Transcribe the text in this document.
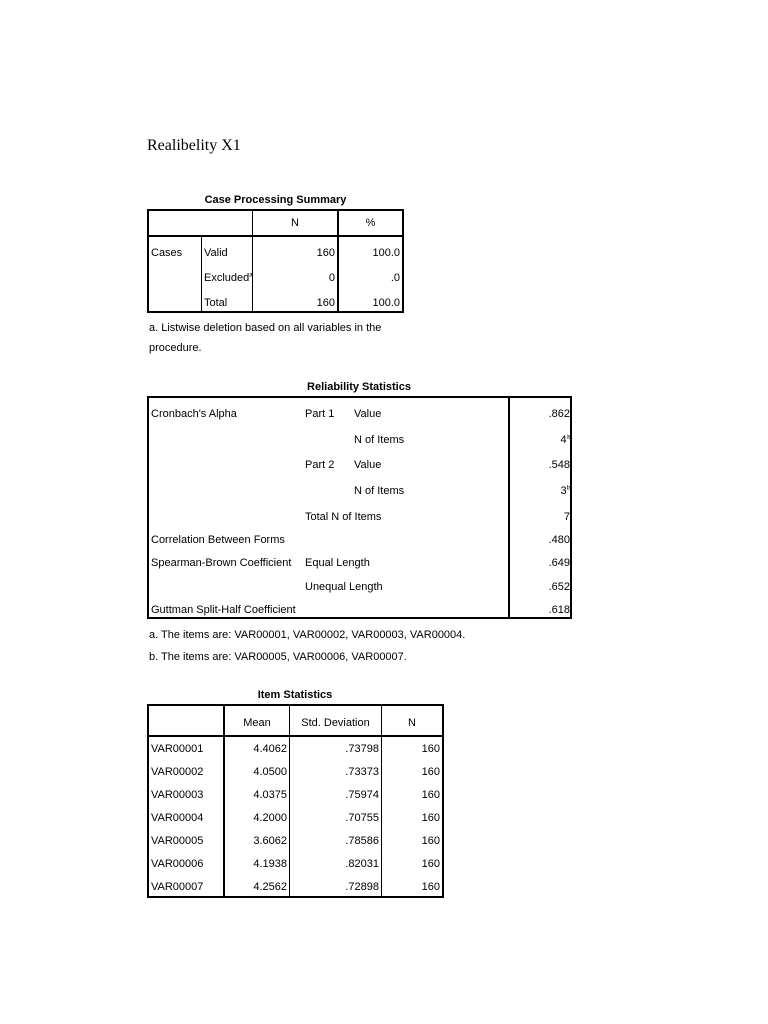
Realibelity X1
Case Processing Summary
N	%
Cases Valid	160	100.0
Excluded$^a$	0	.0
Total	160	100.0
a. Listwise deletion based on all variables in the
procedure.
Reliability Statistics
Cronbach's Alpha	Part 1 Value	.862
N of Items	4$^a$
Part 2 Value	.548
N of Items	3$^b$
Total N of Items	7
Correlation Between Forms	.480
Spearman-Brown Coefficient Equal Length	.649
Unequal Length	.652
Guttman Split-Half Coefficient	.618
a. The items are: VAR00001, VAR00002, VAR00003, VAR00004.
b. The items are: VAR00005, VAR00006, VAR00007.
Item Statistics
Mean	Std. Deviation	N
VAR00001	4.4062	.73798	160
VAR00002	4.0500	.73373	160
VAR00003	4.0375	.75974	160
VAR00004	4.2000	.70755	160
VAR00005	3.6062	.78586	160
VAR00006	4.1938	.82031	160
VAR00007	4.2562	.72898	160
